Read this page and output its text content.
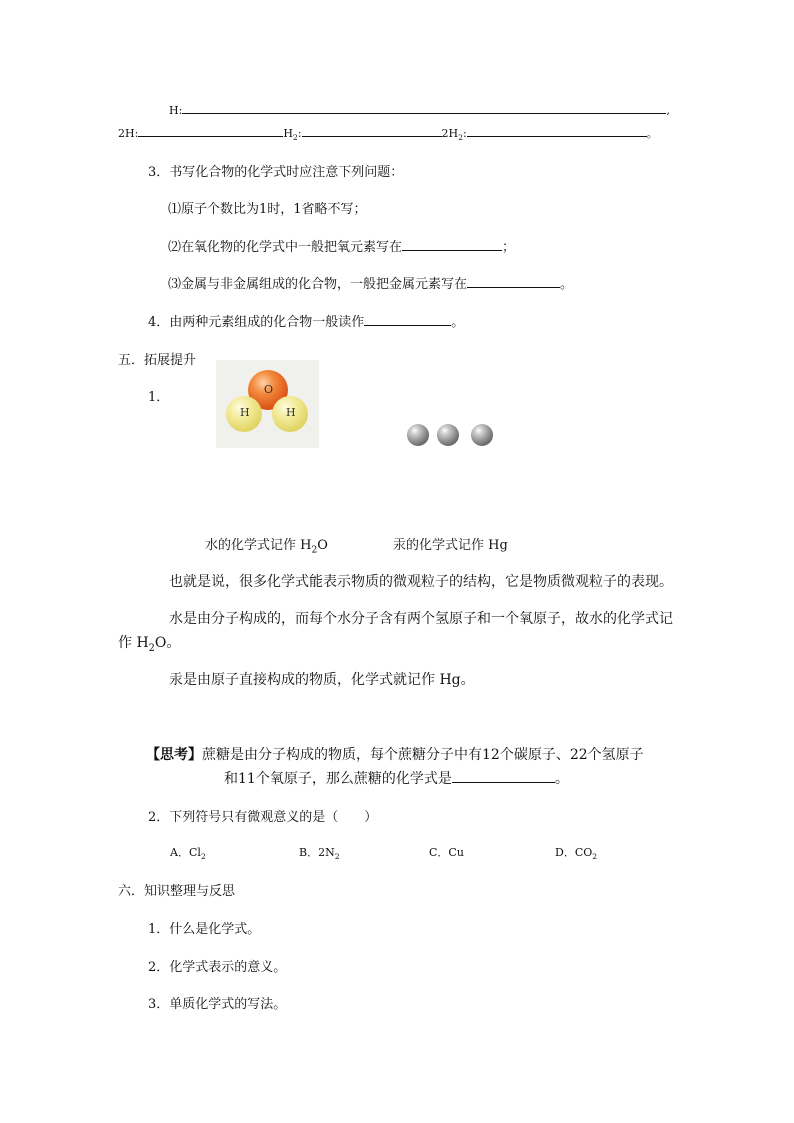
H:	,
2H:	$H_2$:	$2H_2$:	。
3．书写化合物的化学式时应注意下列问题：
⑴原子个数比为1时，1省略不写；
⑵在氧化物的化学式中一般把氧元素写在	；
⑶金属与非金属组成的化合物，一般把金属元素写在	。
4．由两种元素组成的化合物一般读作	。
五．拓展提升
1．
O
H	H
水的化学式记作 $H_2O$	汞的化学式记作 Hg
也就是说，很多化学式能表示物质的微观粒子的结构，它是物质微观粒子的表现。
水是由分子构成的，而每个水分子含有两个氢原子和一个氧原子，故水的化学式记
作 $H_2O$。
汞是由原子直接构成的物质，化学式就记作 Hg。
【思考】蔗糖是由分子构成的物质，每个蔗糖分子中有12个碳原子、22个氢原子
和11个氧原子，那么蔗糖的化学式是	。
2．下列符号只有微观意义的是（　　）
A．$Cl_2$	B．$2N_2$	C．Cu	D．$CO_2$
六．知识整理与反思
1．什么是化学式。
2．化学式表示的意义。
3．单质化学式的写法。
